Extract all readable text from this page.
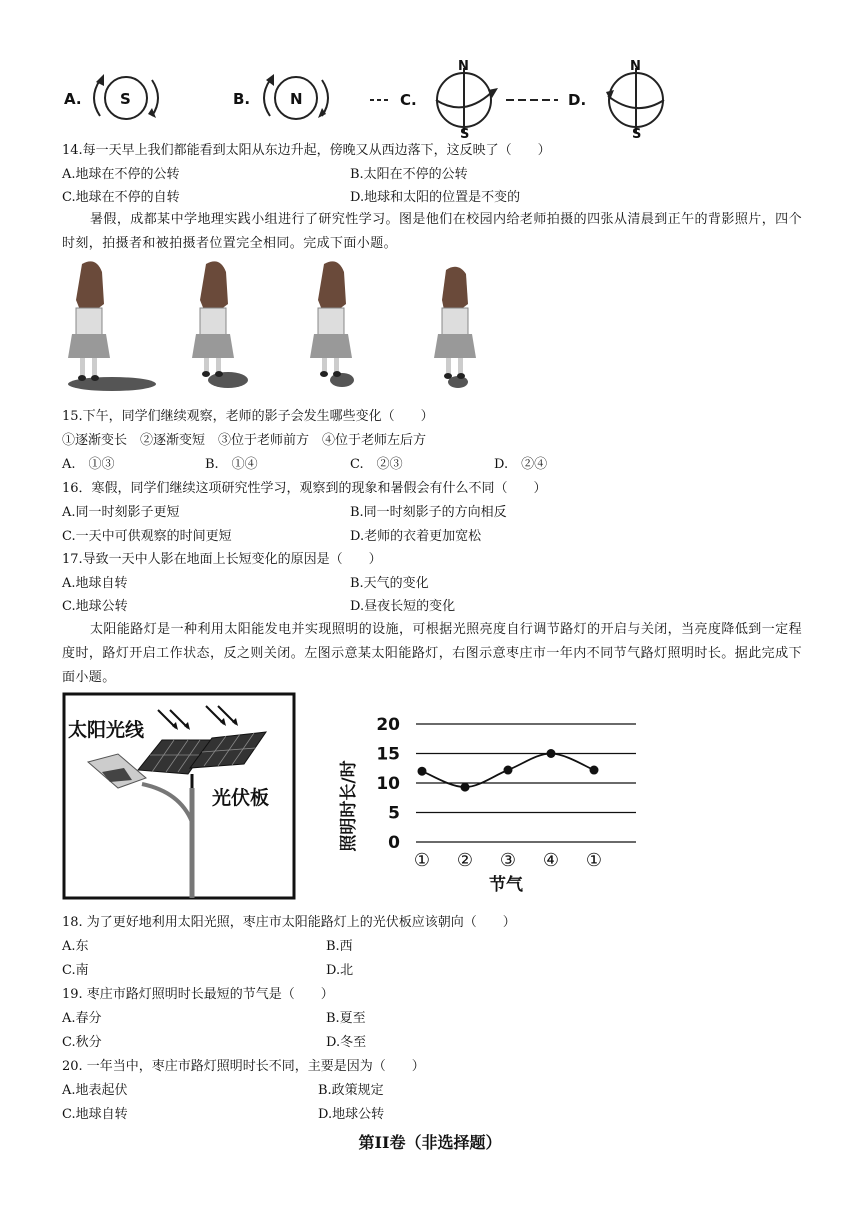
A.	S	B.	N	C.
N
S
D.
N
S
14.每一天早上我们都能看到太阳从东边升起，傍晚又从西边落下，这反映了（　　）
A.地球在不停的公转	B.太阳在不停的公转
C.地球在不停的自转	D.地球和太阳的位置是不变的
暑假，成都某中学地理实践小组进行了研究性学习。图是他们在校园内给老师拍摄的四张从清晨到正午的背影照片，四个时刻，拍摄者和被拍摄者位置完全相同。完成下面小题。
15.下午，同学们继续观察，老师的影子会发生哪些变化（　　）
①逐渐变长　②逐渐变短　③位于老师前方　④位于老师左后方
A.　①③	B.　①④	C.　②③	D.　②④
16．寒假，同学们继续这项研究性学习，观察到的现象和暑假会有什么不同（　　）
A.同一时刻影子更短	B.同一时刻影子的方向相反
C.一天中可供观察的时间更短	D.老师的衣着更加宽松
17.导致一天中人影在地面上长短变化的原因是（　　）
A.地球自转	B.天气的变化
C.地球公转	D.昼夜长短的变化
太阳能路灯是一种利用太阳能发电并实现照明的设施，可根据光照亮度自行调节路灯的开启与关闭，当亮度降低到一定程度时，路灯开启工作状态，反之则关闭。左图示意某太阳能路灯，右图示意枣庄市一年内不同节气路灯照明时长。据此完成下面小题。
太阳光线
光伏板	照明时长/时 0
5
10
15
20
① ② ③ ④ ①
节气
18. 为了更好地利用太阳光照，枣庄市太阳能路灯上的光伏板应该朝向（　　）
A.东	B.西
C.南	D.北
19. 枣庄市路灯照明时长最短的节气是（　　）
A.春分	B.夏至
C.秋分	D.冬至
20. 一年当中，枣庄市路灯照明时长不同，主要是因为（　　）
A.地表起伏	B.政策规定
C.地球自转	D.地球公转
第II卷（非选择题）
